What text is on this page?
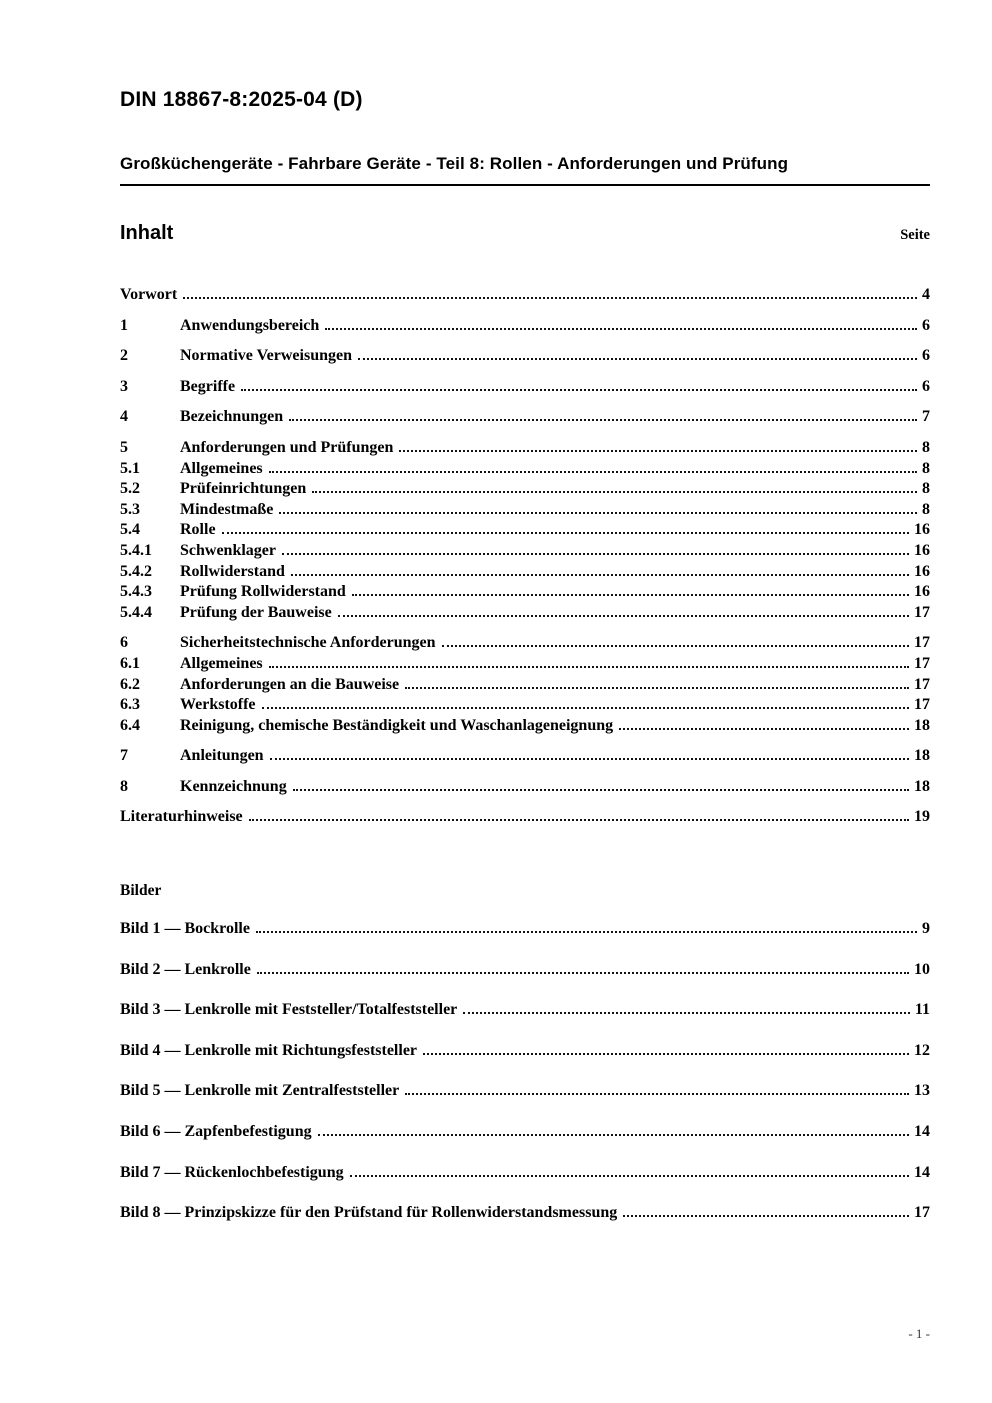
DIN 18867-8:2025-04 (D)
Großküchengeräte - Fahrbare Geräte - Teil 8: Rollen - Anforderungen und Prüfung
Inhalt	Seite
Vorwort	4
1	Anwendungsbereich	6
2	Normative Verweisungen	6
3	Begriffe	6
4	Bezeichnungen	7
5	Anforderungen und Prüfungen	8
5.1	Allgemeines	8
5.2	Prüfeinrichtungen	8
5.3	Mindestmaße	8
5.4	Rolle	16
5.4.1	Schwenklager	16
5.4.2	Rollwiderstand	16
5.4.3	Prüfung Rollwiderstand	16
5.4.4	Prüfung der Bauweise	17
6	Sicherheitstechnische Anforderungen	17
6.1	Allgemeines	17
6.2	Anforderungen an die Bauweise	17
6.3	Werkstoffe	17
6.4	Reinigung, chemische Beständigkeit und Waschanlageneignung	18
7	Anleitungen	18
8	Kennzeichnung	18
Literaturhinweise	19
Bilder
Bild 1 — Bockrolle	9
Bild 2 — Lenkrolle	10
Bild 3 — Lenkrolle mit Feststeller/Totalfeststeller	11
Bild 4 — Lenkrolle mit Richtungsfeststeller	12
Bild 5 — Lenkrolle mit Zentralfeststeller	13
Bild 6 — Zapfenbefestigung	14
Bild 7 — Rückenlochbefestigung	14
Bild 8 — Prinzipskizze für den Prüfstand für Rollenwiderstandsmessung	17
- 1 -
